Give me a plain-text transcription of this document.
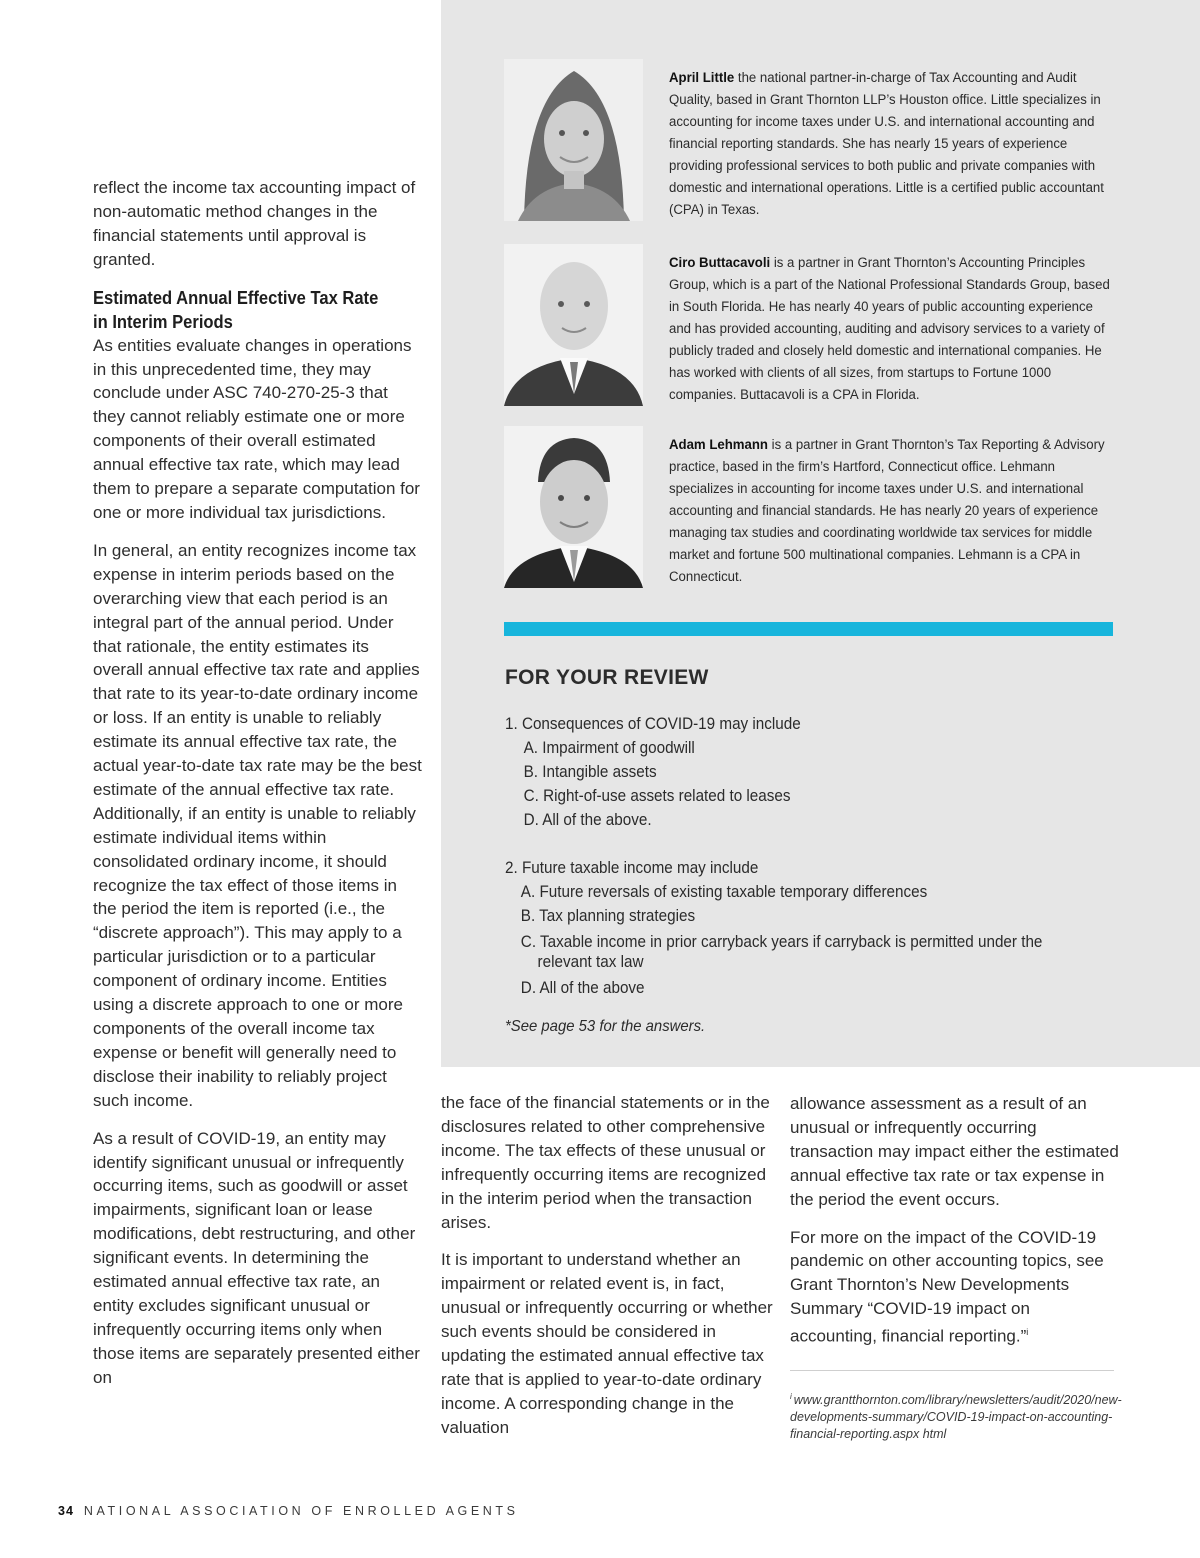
reflect the income tax accounting impact of non-automatic method changes in the financial statements until approval is granted.

Estimated Annual Effective Tax Rate in Interim Periods

As entities evaluate changes in operations in this unprecedented time, they may conclude under ASC 740-270-25-3 that they cannot reliably estimate one or more components of their overall estimated annual effective tax rate, which may lead them to prepare a separate computation for one or more individual tax jurisdictions.

In general, an entity recognizes income tax expense in interim periods based on the overarching view that each period is an integral part of the annual period. Under that rationale, the entity estimates its overall annual effective tax rate and applies that rate to its year-to-date ordinary income or loss. If an entity is unable to reliably estimate its annual effective tax rate, the actual year-to-date tax rate may be the best estimate of the annual effective tax rate. Additionally, if an entity is unable to reliably estimate individual items within consolidated ordinary income, it should recognize the tax effect of those items in the period the item is reported (i.e., the “discrete approach”). This may apply to a particular jurisdiction or to a particular component of ordinary income. Entities using a discrete approach to one or more components of the overall income tax expense or benefit will generally need to disclose their inability to reliably project such income.

As a result of COVID-19, an entity may identify significant unusual or infrequently occurring items, such as goodwill or asset impairments, significant loan or lease modifications, debt restructuring, and other significant events. In determining the estimated annual effective tax rate, an entity excludes significant unusual or infrequently occurring items only when those items are separately presented either on

April Little the national partner-in-charge of Tax Accounting and Audit Quality, based in Grant Thornton LLP’s Houston office. Little specializes in accounting for income taxes under U.S. and international accounting and financial reporting standards. She has nearly 15 years of experience providing professional services to both public and private companies with domestic and international operations. Little is a certified public accountant (CPA) in Texas.
Ciro Buttacavoli is a partner in Grant Thornton’s Accounting Principles Group, which is a part of the National Professional Standards Group, based in South Florida. He has nearly 40 years of public accounting experience and has provided accounting, auditing and advisory services to a variety of publicly traded and closely held domestic and international companies. He has worked with clients of all sizes, from startups to Fortune 1000 companies. Buttacavoli is a CPA in Florida.
Adam Lehmann is a partner in Grant Thornton’s Tax Reporting & Advisory practice, based in the firm’s Hartford, Connecticut office. Lehmann specializes in accounting for income taxes under U.S. and international accounting and financial standards. He has nearly 20 years of experience managing tax studies and coordinating worldwide tax services for middle market and fortune 500 multinational companies. Lehmann is a CPA in Connecticut.
FOR YOUR REVIEW

1. Consequences of COVID-19 may include

A. Impairment of goodwill

B. Intangible assets

C. Right-of-use assets related to leases

D. All of the above.

2. Future taxable income may include

A. Future reversals of existing taxable temporary differences

B. Tax planning strategies

C. Taxable income in prior carryback years if carryback is permitted under the relevant tax law

D. All of the above

*See page 53 for the answers.

the face of the financial statements or in the disclosures related to other comprehensive income. The tax effects of these unusual or infrequently occurring items are recognized in the interim period when the transaction arises.

It is important to understand whether an impairment or related event is, in fact, unusual or infrequently occurring or whether such events should be considered in updating the estimated annual effective tax rate that is applied to year-to-date ordinary income. A corresponding change in the valuation

allowance assessment as a result of an unusual or infrequently occurring transaction may impact either the estimated annual effective tax rate or tax expense in the period the event occurs.

For more on the impact of the COVID-19 pandemic on other accounting topics, see Grant Thornton’s New Developments Summary “COVID-19 impact on accounting, financial reporting.”$^i$

$^i$ www.grantthornton.com/library/newsletters/audit/2020/new-developments-summary/COVID-19-impact-on-accounting-financial-reporting.aspx html
34 NATIONAL ASSOCIATION OF ENROLLED AGENTS
